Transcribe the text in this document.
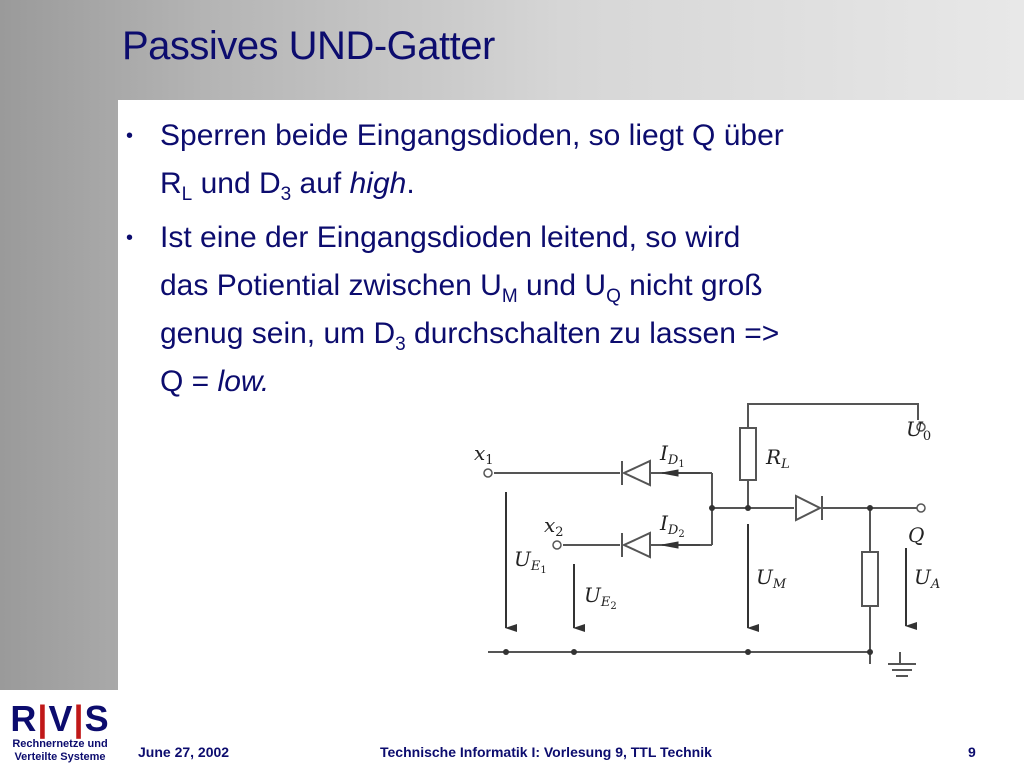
Passives UND-Gatter
• Sperren beide Eingangsdioden, so liegt Q über
$R_L$ und $D_3$ auf high.
• Ist eine der Eingangsdioden leitend, so wird
das Potiential zwischen $U_M$ und $U_Q$ nicht groß
genug sein, um $D_3$ durchschalten zu lassen =>
Q = low.
$x_1$
$x_2$
$I_D1$
$I_D2$
$R_L$
$U_0$
Q
$U_E1$
$U_E2$
$U_M$	$U_A$
R|V|S
Rechnernetze und
Verteilte Systeme	June 27, 2002	Technische Informatik I: Vorlesung 9, TTL Technik	9
